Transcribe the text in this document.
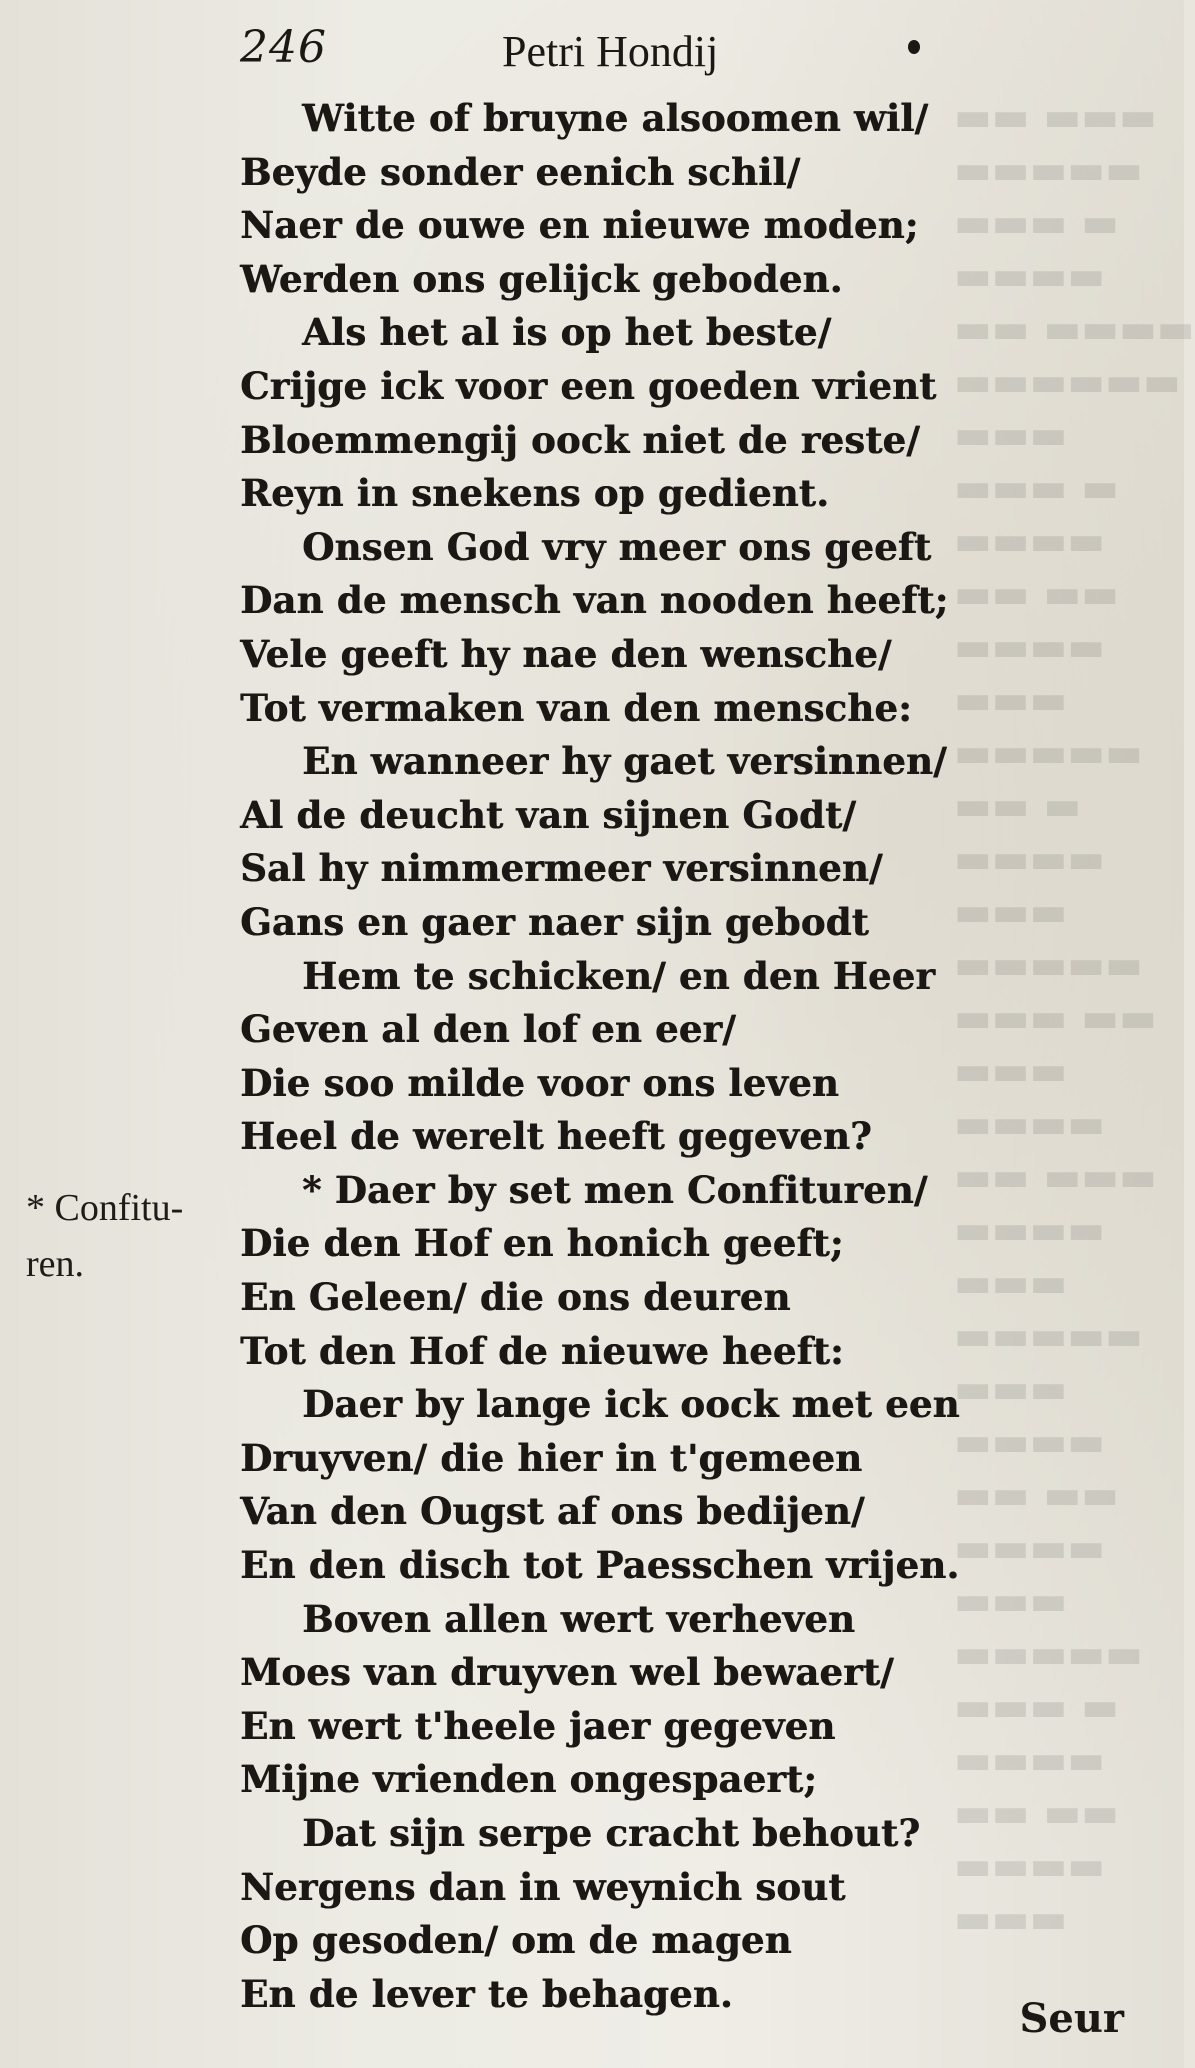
▬▬ ▬▬▬
▬▬▬▬▬
▬▬▬ ▬
▬▬▬▬
▬▬ ▬▬▬▬
▬▬▬▬▬▬
▬▬▬
▬▬▬ ▬
▬▬▬▬
▬▬ ▬▬
▬▬▬▬
▬▬▬
▬▬▬▬▬
▬▬ ▬
▬▬▬▬
▬▬▬
▬▬▬▬▬
▬▬▬ ▬▬
▬▬▬
▬▬▬▬
▬▬ ▬▬▬
▬▬▬▬
▬▬▬
▬▬▬▬▬
▬▬▬
▬▬▬▬
▬▬ ▬▬
▬▬▬▬
▬▬▬
▬▬▬▬▬
▬▬▬ ▬
▬▬▬▬
▬▬ ▬▬
▬▬▬▬
▬▬▬
246	Petri Hondij
Witte of bruyne alsoomen wil/
Beyde sonder eenich schil/
Naer de ouwe en nieuwe moden;
Werden ons gelijck geboden.
Als het al is op het beste/
Crijge ick voor een goeden vrient
Bloemmengij oock niet de reste/
Reyn in snekens op gedient.
Onsen God vry meer ons geeft
Dan de mensch van nooden heeft;
Vele geeft hy nae den wensche/
Tot vermaken van den mensche:
En wanneer hy gaet versinnen/
Al de deucht van sijnen Godt/
Sal hy nimmermeer versinnen/
Gans en gaer naer sijn gebodt
Hem te schicken/ en den Heer
Geven al den lof en eer/
Die soo milde voor ons leven
Heel de werelt heeft gegeven?
* Daer by set men Confituren/
Die den Hof en honich geeft;
En Geleen/ die ons deuren
Tot den Hof de nieuwe heeft:
Daer by lange ick oock met een
Druyven/ die hier in t'gemeen
Van den Ougst af ons bedijen/
En den disch tot Paesschen vrijen.
Boven allen wert verheven
Moes van druyven wel bewaert/
En wert t'heele jaer gegeven
Mijne vrienden ongespaert;
Dat sijn serpe cracht behout?
Nergens dan in weynich sout
Op gesoden/ om de magen
En de lever te behagen.
* Confitu-
ren.
Seur
